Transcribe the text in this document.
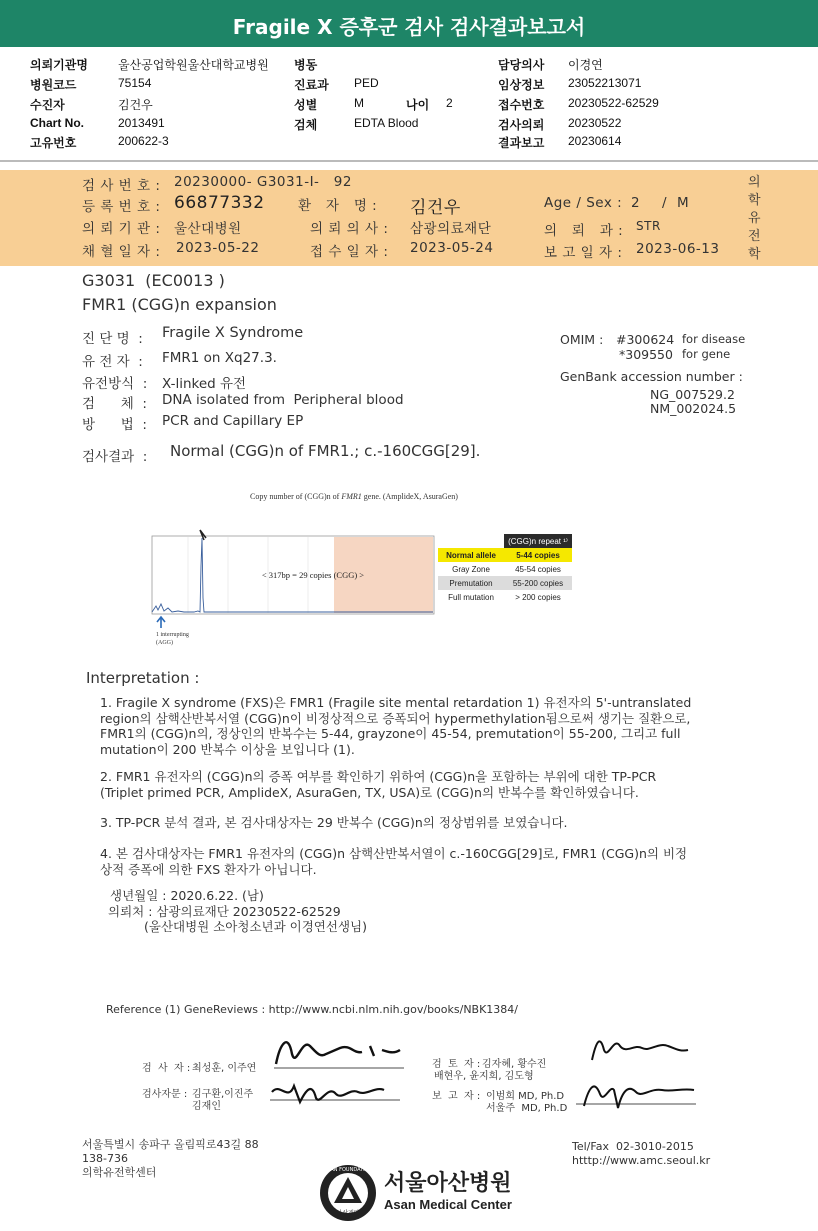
Fragile X 증후군 검사 검사결과보고서
의뢰기관명	울산공업학원울산대학교병원
병원코드	75154
수진자	김건우
Chart No.	2013491
고유번호	200622-3
병동
진료과 PED
성별	M	나이 2
검체	EDTA Blood
담당의사 이경연
임상정보 23052213071
접수번호 20230522-62529
검사의뢰 20230522
결과보고 20230614
검 사 번 호 : 20230000- G3031-I-   92
등 록 번 호 : 66877332 환   자   명 : 김건우	Age / Sex : 2 / M
의 뢰 기 관 : 울산대병원	의 뢰 의 사 : 삼광의료재단	의   뢰   과 : STR
채 혈 일 자 : 2023-05-22	접 수 일 자 : 2023-05-24	보 고 일 자 : 2023-06-13
의
학
유
전
학
G3031  (EC0013 )
FMR1 (CGG)n expansion
진 단 명  : Fragile X Syndrome
유 전 자  : FMR1 on Xq27.3.
유전방식  : X-linked 유전
검      체  : DNA isolated from  Peripheral blood
방      법  : PCR and Capillary EP
OMIM : #300624 for disease
*309550 for gene
GenBank accession number :
NG_007529.2
NM_002024.5
검사결과  : Normal (CGG)n of FMR1.; c.-160CGG[29].
Copy number of (CGG)n of FMR1 gene. (AmplideX, AsuraGen)
< 317bp = 29 copies (CGG) >
1 interrupting
(AGG)
	(CGG)n repeat ¹⁾
Normal allele	5-44 copies
Gray Zone	45-54 copies
Premutation	55-200 copies
Full mutation	> 200 copies
Interpretation :
1. Fragile X syndrome (FXS)은 FMR1 (Fragile site mental retardation 1) 유전자의 5'-untranslated
region의 삼핵산반복서열 (CGG)n이 비정상적으로 증폭되어 hypermethylation됨으로써 생기는 질환으로,
FMR1의 (CGG)n의, 정상인의 반복수는 5-44, grayzone이 45-54, premutation이 55-200, 그리고 full
mutation이 200 반복수 이상을 보입니다 (1).
2. FMR1 유전자의 (CGG)n의 증폭 여부를 확인하기 위하여 (CGG)n을 포함하는 부위에 대한 TP-PCR
(Triplet primed PCR, AmplideX, AsuraGen, TX, USA)로 (CGG)n의 반복수를 확인하였습니다.
3. TP-PCR 분석 결과, 본 검사대상자는 29 반복수 (CGG)n의 정상범위를 보였습니다.
4. 본 검사대상자는 FMR1 유전자의 (CGG)n 삼핵산반복서열이 c.-160CGG[29]로, FMR1 (CGG)n의 비정
상적 증폭에 의한 FXS 환자가 아닙니다.
생년월일 : 2020.6.22. (남)
의뢰처 : 삼광의료재단 20230522-62529
(울산대병원 소아청소년과 이경연선생님)
Reference (1) GeneReviews : http://www.ncbi.nlm.nih.gov/books/NBK1384/
검  사  자 : 최성훈, 이주연
검사자문 : 김구환,이진주
김재인
검  토  자 : 김자혜, 황수진
배현우, 윤지희, 김도형
보  고  자 : 이범희 MD, Ph.D
서울주  MD, Ph.D
서울특별시 송파구 올림픽로43길 88
138-736
의학유전학센터
Tel/Fax  02-3010-2015
htttp://www.amc.seoul.kr
ASAN FOUNDATION
아산재단
서울아산병원
Asan Medical Center
